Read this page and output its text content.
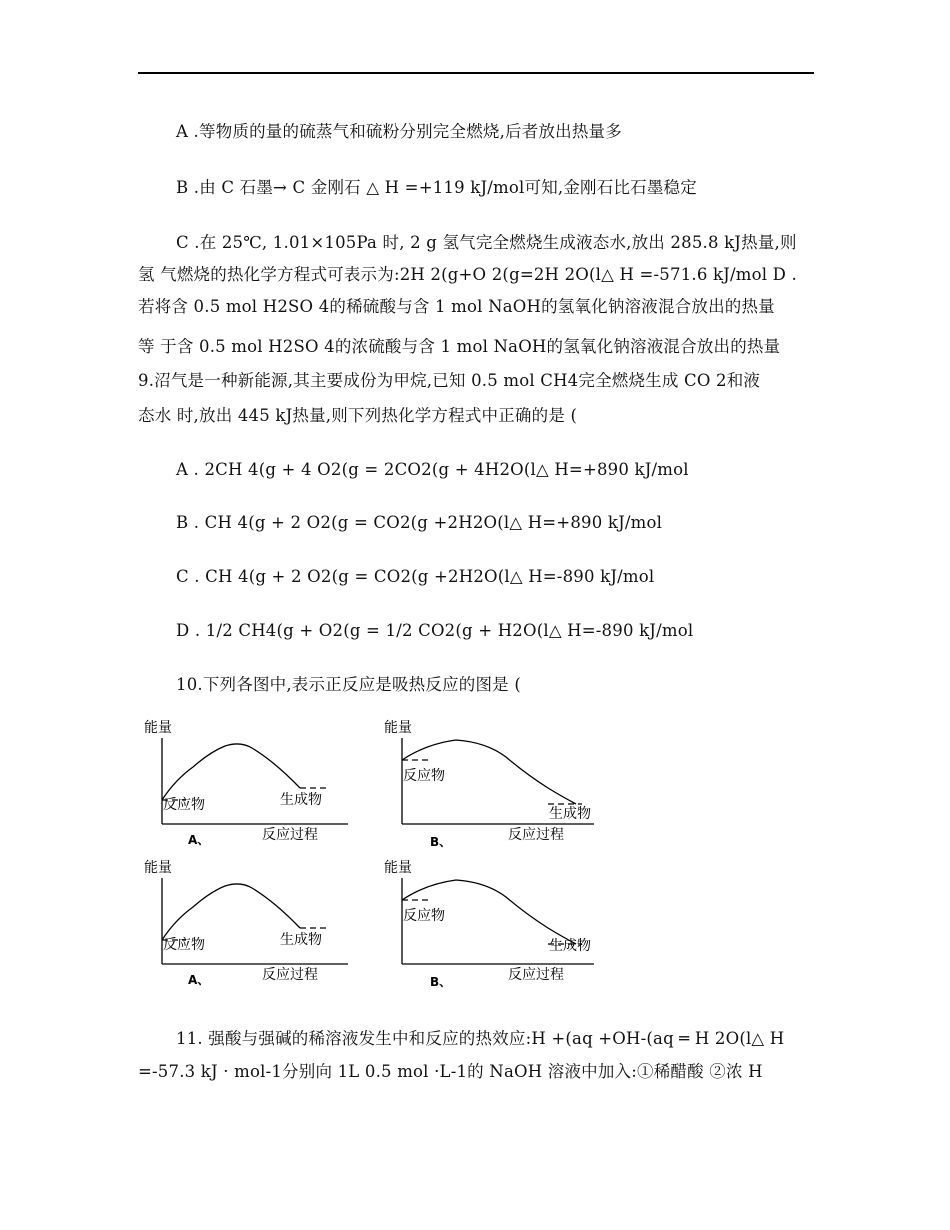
A .等物质的量的硫蒸气和硫粉分别完全燃烧,后者放出热量多
B .由 C 石墨→ C 金刚石 △ H =+119 kJ/mol可知,金刚石比石墨稳定
C .在 25℃, 1.01×105Pa 时, 2 g 氢气完全燃烧生成液态水,放出 285.8 kJ热量,则
氢 气燃烧的热化学方程式可表示为:2H 2(g+O 2(g=2H 2O(l△ H =-571.6 kJ/mol D .
若将含 0.5 mol H2SO 4的稀硫酸与含 1 mol NaOH的氢氧化钠溶液混合放出的热量
等 于含 0.5 mol H2SO 4的浓硫酸与含 1 mol NaOH的氢氧化钠溶液混合放出的热量
9.沼气是一种新能源,其主要成份为甲烷,已知 0.5 mol CH4完全燃烧生成 CO 2和液
态水 时,放出 445 kJ热量,则下列热化学方程式中正确的是 (
A . 2CH 4(g + 4 O2(g = 2CO2(g + 4H2O(l△ H=+890 kJ/mol
B . CH 4(g + 2 O2(g = CO2(g +2H2O(l△ H=+890 kJ/mol
C . CH 4(g + 2 O2(g = CO2(g +2H2O(l△ H=-890 kJ/mol
D . 1/2 CH4(g + O2(g = 1/2 CO2(g + H2O(l△ H=-890 kJ/mol
10.下列各图中,表示正反应是吸热反应的图是 (
11. 强酸与强碱的稀溶液发生中和反应的热效应:H +(aq +OH-(aq ═ H 2O(l△ H
=-57.3 kJ · mol-1分别向 1L 0.5 mol ·L-1的 NaOH 溶液中加入:①稀醋酸 ②浓 H
能量
反应物	生成物
反应过程
A、
能量
反应物
生成物
反应过程
B、
能量
反应物	生成物
反应过程
A、
能量
反应物
生成物
反应过程
B、
